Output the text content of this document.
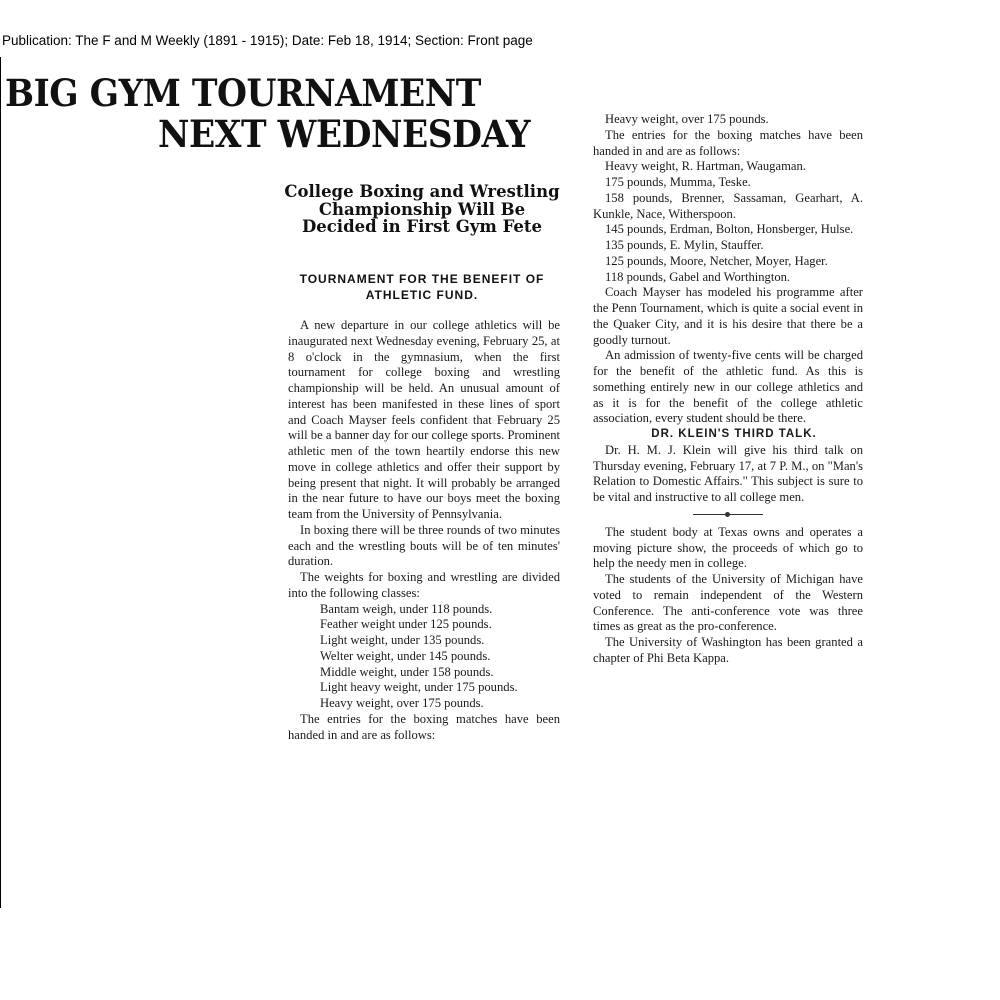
Publication: The F and M Weekly (1891 - 1915); Date: Feb 18, 1914; Section: Front page
BIG GYM TOURNAMENT
NEXT WEDNESDAY
College Boxing and Wrestling Championship Will Be Decided in First Gym Fete
TOURNAMENT FOR THE BENEFIT OF ATHLETIC FUND.

A new departure in our college athletics will be inaugurated next Wednesday evening, February 25, at 8 o'clock in the gymnasium, when the first tournament for college boxing and wrestling championship will be held. An unusual amount of interest has been manifested in these lines of sport and Coach Mayser feels confident that February 25 will be a banner day for our college sports. Prominent athletic men of the town heartily endorse this new move in college athletics and offer their support by being present that night. It will probably be arranged in the near future to have our boys meet the boxing team from the University of Pennsylvania.

In boxing there will be three rounds of two minutes each and the wrestling bouts will be of ten minutes' duration.

The weights for boxing and wrestling are divided into the following classes:

Bantam weigh, under 118 pounds.

Feather weight under 125 pounds.

Light weight, under 135 pounds.

Welter weight, under 145 pounds.

Middle weight, under 158 pounds.

Light heavy weight, under 175 pounds.

Heavy weight, over 175 pounds.

The entries for the boxing matches have been handed in and are as follows:

Heavy weight, over 175 pounds.

The entries for the boxing matches have been handed in and are as follows:

Heavy weight, R. Hartman, Waugaman.

175 pounds, Mumma, Teske.

158 pounds, Brenner, Sassaman, Gearhart, A. Kunkle, Nace, Witherspoon.

145 pounds, Erdman, Bolton, Honsberger, Hulse.

135 pounds, E. Mylin, Stauffer.

125 pounds, Moore, Netcher, Moyer, Hager.

118 pounds, Gabel and Worthington.

Coach Mayser has modeled his programme after the Penn Tournament, which is quite a social event in the Quaker City, and it is his desire that there be a goodly turnout.

An admission of twenty-five cents will be charged for the benefit of the athletic fund. As this is something entirely new in our college athletics and as it is for the benefit of the college athletic association, every student should be there.

DR. KLEIN'S THIRD TALK.

Dr. H. M. J. Klein will give his third talk on Thursday evening, February 17, at 7 P. M., on "Man's Relation to Domestic Affairs." This subject is sure to be vital and instructive to all college men.

The student body at Texas owns and operates a moving picture show, the proceeds of which go to help the needy men in college.

The students of the University of Michigan have voted to remain independent of the Western Conference. The anti-conference vote was three times as great as the pro-conference.

The University of Washington has been granted a chapter of Phi Beta Kappa.
